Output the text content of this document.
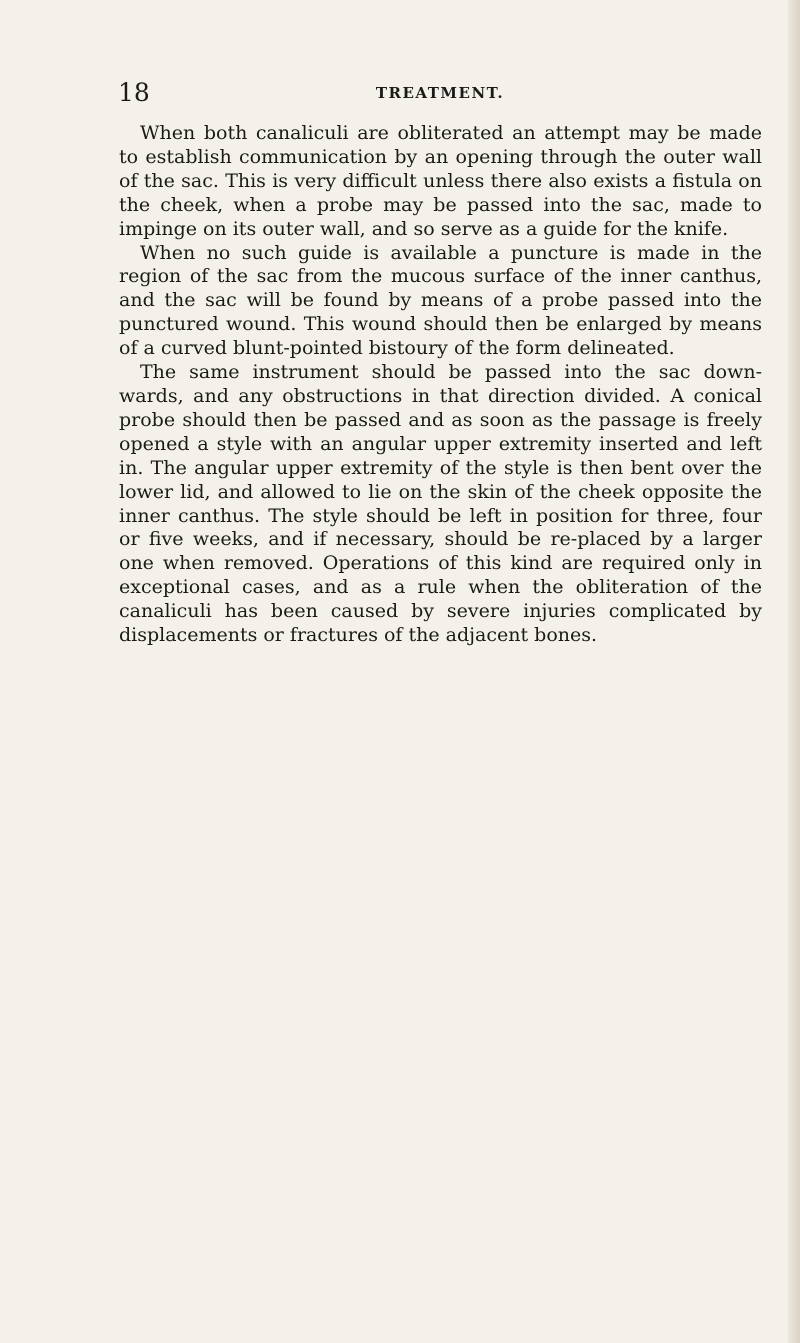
18	TREATMENT.

When both canaliculi are obliterated an attempt may be made to establish communication by an opening through the outer wall of the sac. This is very difficult unless there also exists a fistula on the cheek, when a probe may be passed into the sac, made to impinge on its outer wall, and so serve as a guide for the knife.

When no such guide is available a puncture is made in the region of the sac from the mucous surface of the inner canthus, and the sac will be found by means of a probe passed into the punctured wound. This wound should then be enlarged by means of a curved blunt-pointed bistoury of the form delineated.

The same instrument should be passed into the sac down-wards, and any obstructions in that direction divided. A conical probe should then be passed and as soon as the passage is freely opened a style with an angular upper extremity inserted and left in. The angular upper extremity of the style is then bent over the lower lid, and allowed to lie on the skin of the cheek opposite the inner canthus. The style should be left in position for three, four or five weeks, and if necessary, should be re-placed by a larger one when removed. Operations of this kind are required only in exceptional cases, and as a rule when the obliteration of the canaliculi has been caused by severe injuries complicated by displacements or fractures of the adjacent bones.
